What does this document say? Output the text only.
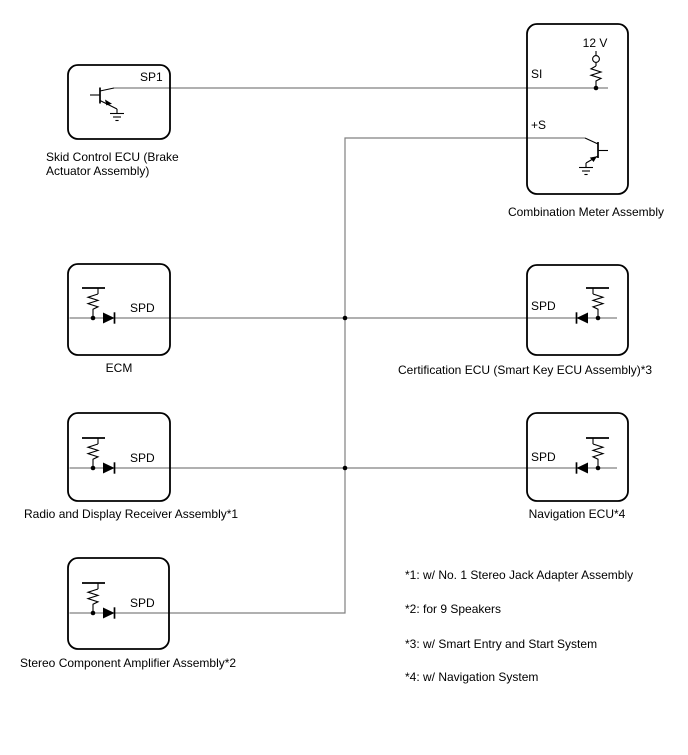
SP1
Skid Control ECU (Brake
Actuator Assembly)
12 V
SI
+S
Combination Meter Assembly
SPD
ECM
SPD
Certification ECU (Smart Key ECU Assembly)*3
SPD
Radio and Display Receiver Assembly*1
SPD
Navigation ECU*4
SPD
Stereo Component Amplifier Assembly*2
*1: w/ No. 1 Stereo Jack Adapter Assembly
*2: for 9 Speakers
*3: w/ Smart Entry and Start System
*4: w/ Navigation System
